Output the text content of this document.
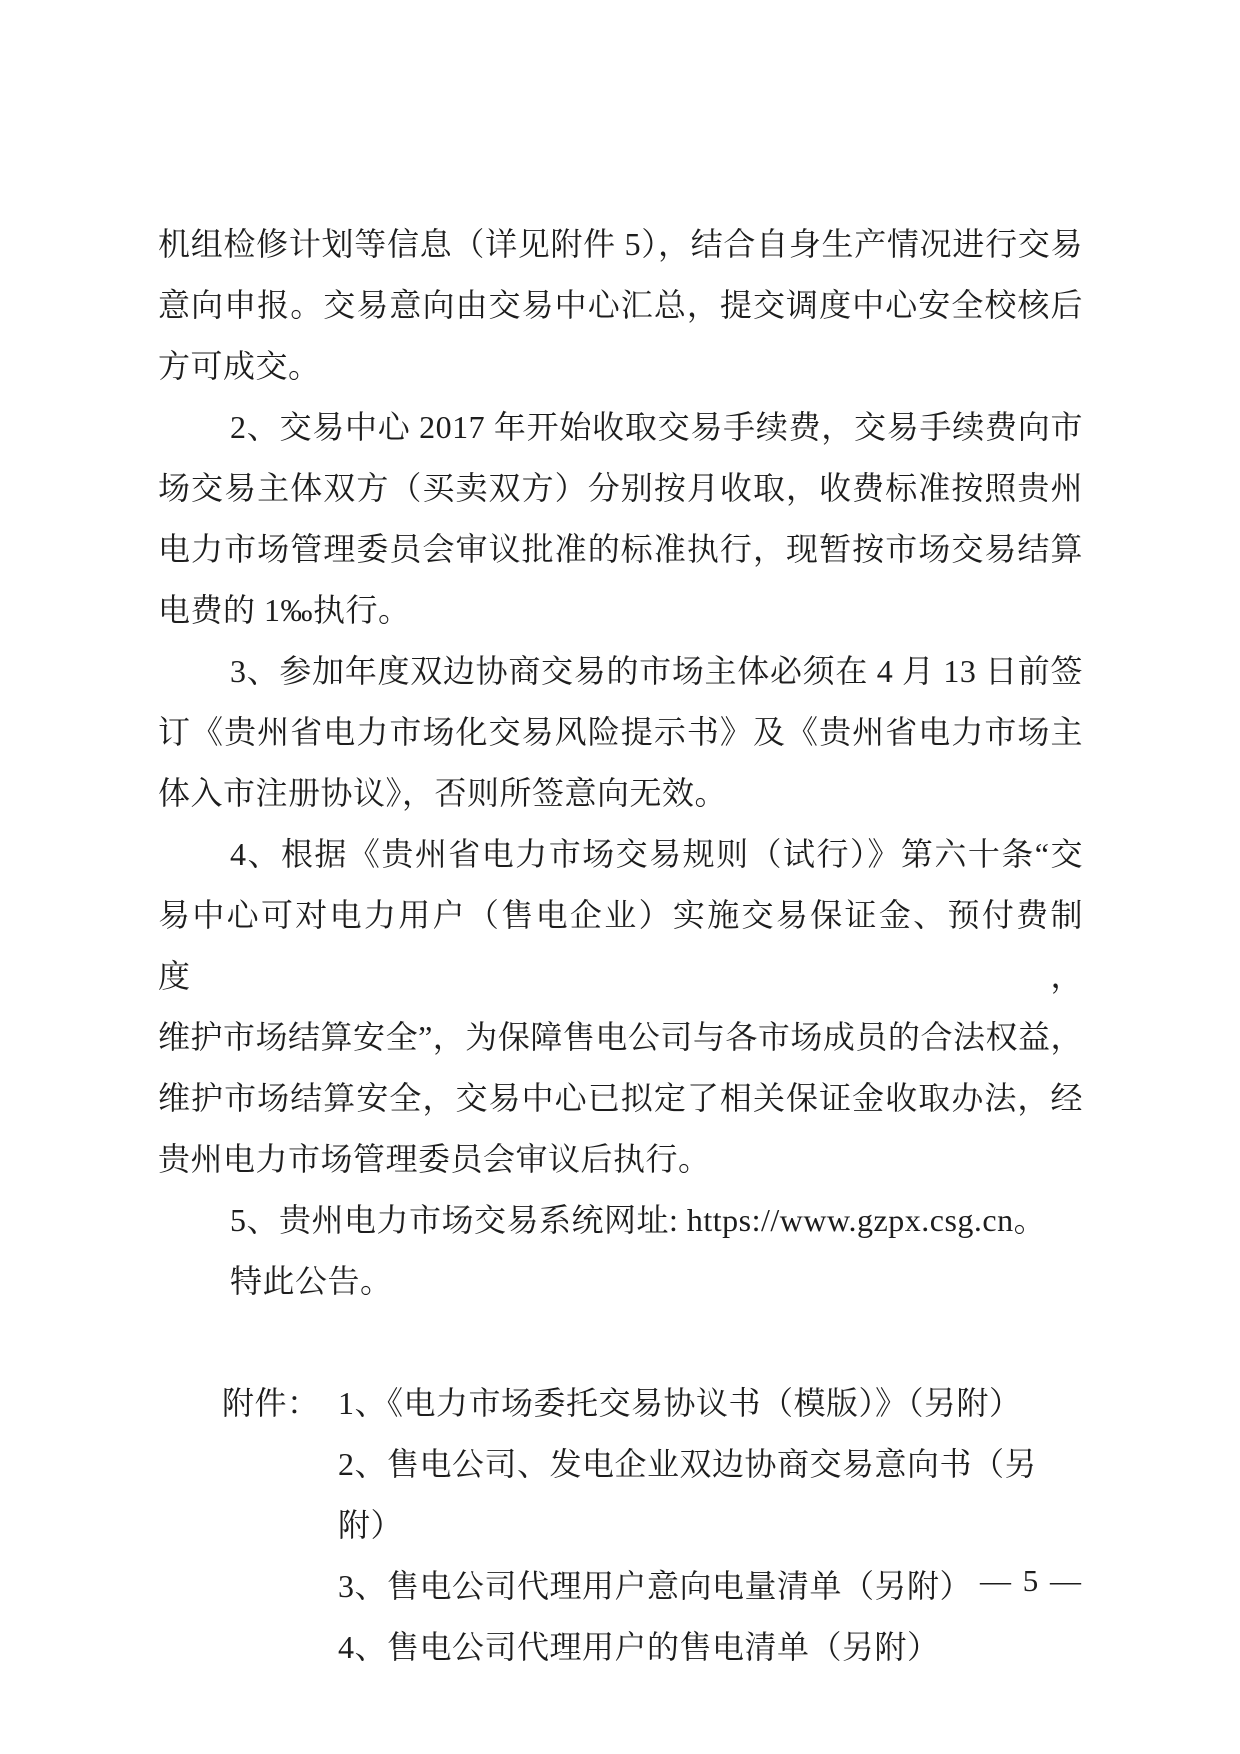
机组检修计划等信息（详见附件 5），结合自身生产情况进行交易
意向申报。交易意向由交易中心汇总，提交调度中心安全校核后
方可成交。
2、交易中心 2017 年开始收取交易手续费，交易手续费向市
场交易主体双方（买卖双方）分别按月收取，收费标准按照贵州
电力市场管理委员会审议批准的标准执行，现暂按市场交易结算
电费的 1‰执行。
3、参加年度双边协商交易的市场主体必须在 4 月 13 日前签
订《贵州省电力市场化交易风险提示书》及《贵州省电力市场主
体入市注册协议》，否则所签意向无效。
4、根据《贵州省电力市场交易规则（试行）》第六十条“交
易中心可对电力用户（售电企业）实施交易保证金、预付费制度，
维护市场结算安全”，为保障售电公司与各市场成员的合法权益，
维护市场结算安全，交易中心已拟定了相关保证金收取办法，经
贵州电力市场管理委员会审议后执行。
5、贵州电力市场交易系统网址: https://www.gzpx.csg.cn。
特此公告。
附件： 1、《电力市场委托交易协议书（模版）》（另附）
2、售电公司、发电企业双边协商交易意向书（另附）
3、售电公司代理用户意向电量清单（另附）
4、售电公司代理用户的售电清单（另附）
— 5 —
